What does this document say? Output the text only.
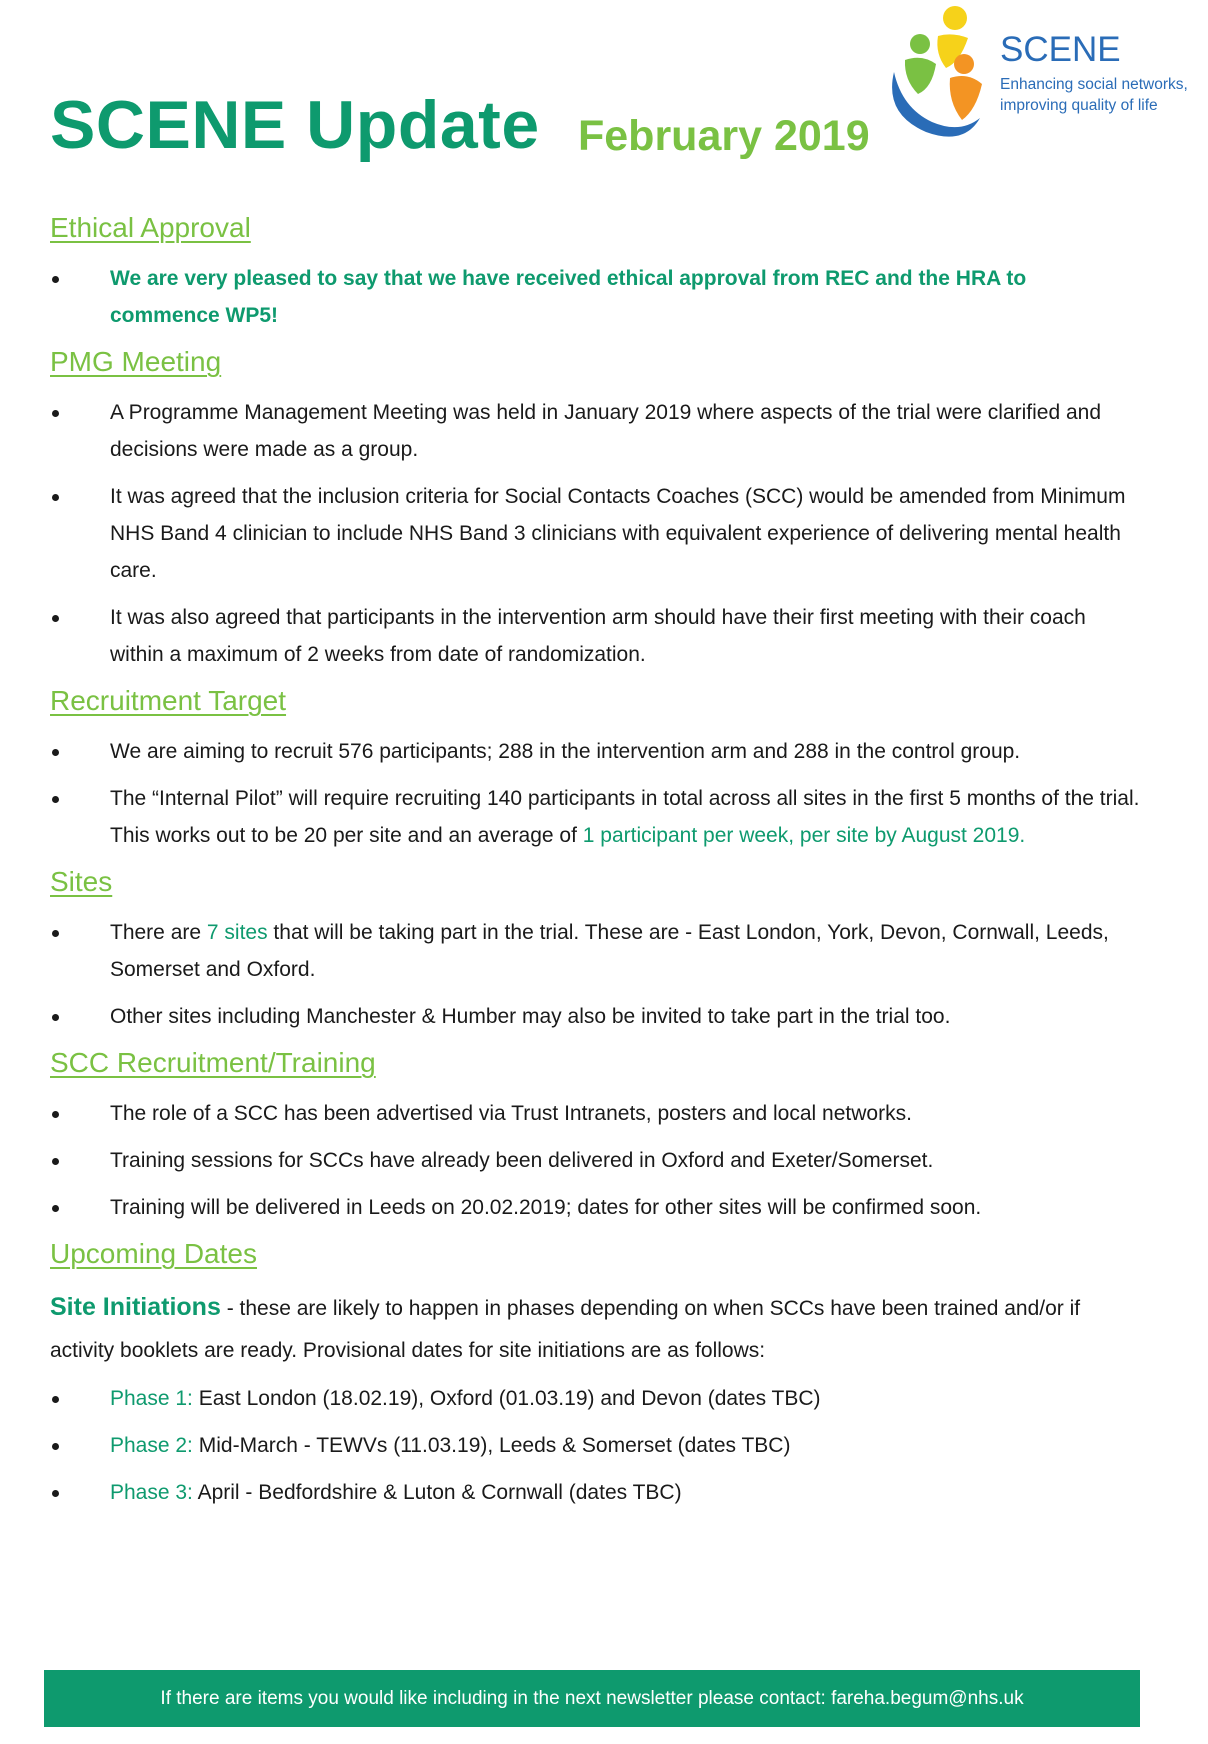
SCENE Update February 2019
SCENE
Enhancing social networks,
improving quality of life
Ethical Approval
We are very pleased to say that we have received ethical approval from REC and the HRA to commence WP5!
PMG Meeting
A Programme Management Meeting was held in January 2019 where aspects of the trial were clarified and decisions were made as a group.
It was agreed that the inclusion criteria for Social Contacts Coaches (SCC) would be amended from Minimum NHS Band 4 clinician to include NHS Band 3 clinicians with equivalent experience of delivering mental health care.
It was also agreed that participants in the intervention arm should have their first meeting with their coach within a maximum of 2 weeks from date of randomization.
Recruitment Target
We are aiming to recruit 576 participants; 288 in the intervention arm and 288 in the control group.
The “Internal Pilot” will require recruiting 140 participants in total across all sites in the first 5 months of the trial. This works out to be 20 per site and an average of 1 participant per week, per site by August 2019.
Sites
There are 7 sites that will be taking part in the trial. These are - East London, York, Devon, Cornwall, Leeds, Somerset and Oxford.
Other sites including Manchester & Humber may also be invited to take part in the trial too.
SCC Recruitment/Training
The role of a SCC has been advertised via Trust Intranets, posters and local networks.
Training sessions for SCCs have already been delivered in Oxford and Exeter/Somerset.
Training will be delivered in Leeds on 20.02.2019; dates for other sites will be confirmed soon.
Upcoming Dates

Site Initiations - these are likely to happen in phases depending on when SCCs have been trained and/or if activity booklets are ready. Provisional dates for site initiations are as follows:

Phase 1: East London (18.02.19), Oxford (01.03.19) and Devon (dates TBC)
Phase 2: Mid-March - TEWVs (11.03.19), Leeds & Somerset (dates TBC)
Phase 3: April - Bedfordshire & Luton & Cornwall (dates TBC)
If there are items you would like including in the next newsletter please contact: fareha.begum@nhs.uk
